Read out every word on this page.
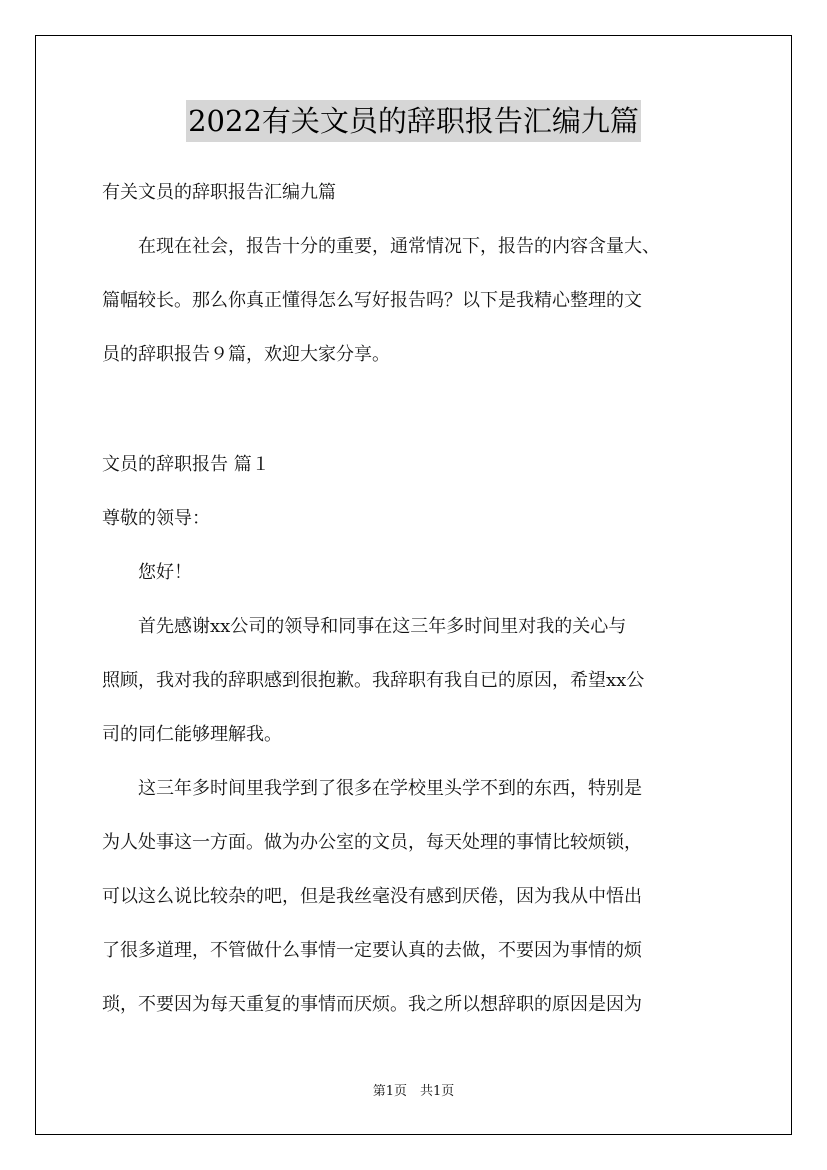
2022有关文员的辞职报告汇编九篇
有关文员的辞职报告汇编九篇
　　在现在社会，报告十分的重要，通常情况下，报告的内容含量大、
篇幅较长。那么你真正懂得怎么写好报告吗？以下是我精心整理的文
员的辞职报告９篇，欢迎大家分享。
文员的辞职报告 篇１
尊敬的领导：
　　您好！
　　首先感谢xx公司的领导和同事在这三年多时间里对我的关心与
照顾，我对我的辞职感到很抱歉。我辞职有我自已的原因，希望xx公
司的同仁能够理解我。
　　这三年多时间里我学到了很多在学校里头学不到的东西，特别是
为人处事这一方面。做为办公室的文员，每天处理的事情比较烦锁，
可以这么说比较杂的吧，但是我丝毫没有感到厌倦，因为我从中悟出
了很多道理，不管做什么事情一定要认真的去做，不要因为事情的烦
琐，不要因为每天重复的事情而厌烦。我之所以想辞职的原因是因为
第1页　共1页
